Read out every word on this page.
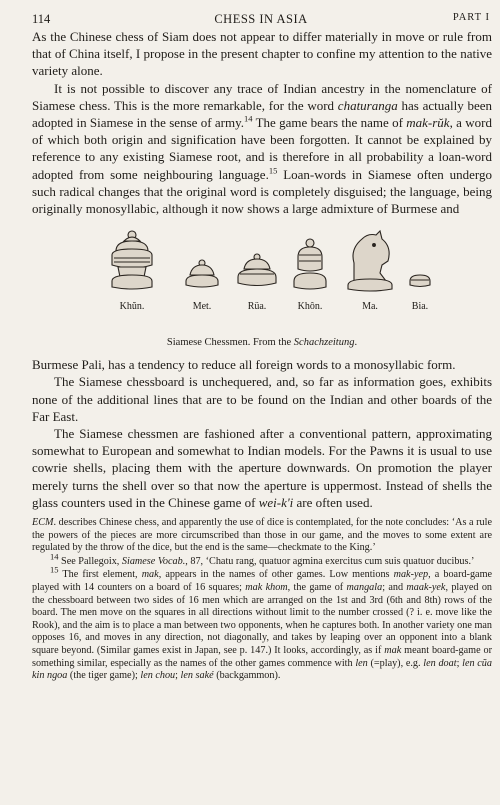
114	CHESS IN ASIA	PART I

As the Chinese chess of Siam does not appear to differ materially in move or rule from that of China itself, I propose in the present chapter to confine my attention to the native variety alone.

It is not possible to discover any trace of Indian ancestry in the nomenclature of Siamese chess. This is the more remarkable, for the word chaturanga has actually been adopted in Siamese in the sense of army.$^{14}$ The game bears the name of mak-rŭk, a word of which both origin and signification have been forgotten. It cannot be explained by reference to any existing Siamese root, and is therefore in all probability a loan-word adopted from some neighbouring language.$^{15}$ Loan-words in Siamese often undergo such radical changes that the original word is completely disguised; the language, being originally monosyllabic, although it now shows a large admixture of Burmese and

Khŭn.	Met.	Rüa.	Khôn.	Ma.	Bia.
Siamese Chessmen. From the Schachzeitung.

Burmese Pali, has a tendency to reduce all foreign words to a monosyllabic form.

The Siamese chessboard is unchequered, and, so far as information goes, exhibits none of the additional lines that are to be found on the Indian and other boards of the Far East.

The Siamese chessmen are fashioned after a conventional pattern, approximating somewhat to European and somewhat to Indian models. For the Pawns it is usual to use cowrie shells, placing them with the aperture downwards. On promotion the player merely turns the shell over so that now the aperture is uppermost. Instead of shells the glass counters used in the Chinese game of wei-k'i are often used.

ECM. describes Chinese chess, and apparently the use of dice is contemplated, for the note concludes: ‘As a rule the powers of the pieces are more circumscribed than those in our game, and the moves to some extent are regulated by the throw of the dice, but the end is the same—checkmate to the King.’

$^{14}$ See Pallegoix, Siamese Vocab., 87, ‘Chatu rang, quatuor agmina exercitus cum suis quatuor ducibus.’

$^{15}$ The first element, mak, appears in the names of other games. Low mentions mak-yep, a board-game played with 14 counters on a board of 16 squares; mak khom, the game of mangala; and maak-yek, played on the chessboard between two sides of 16 men which are arranged on the 1st and 3rd (6th and 8th) rows of the board. The men move on the squares in all directions without limit to the number crossed (? i. e. move like the Rook), and the aim is to place a man between two opponents, when he captures both. In another variety one man opposes 16, and moves in any direction, not diagonally, and takes by leaping over an opponent into a blank square beyond. (Similar games exist in Japan, see p. 147.) It looks, accordingly, as if mak meant board-game or something similar, especially as the names of the other games commence with len (=play), e.g. len doat; len cũa kin ngoa (the tiger game); len chou; len saké (backgammon).
